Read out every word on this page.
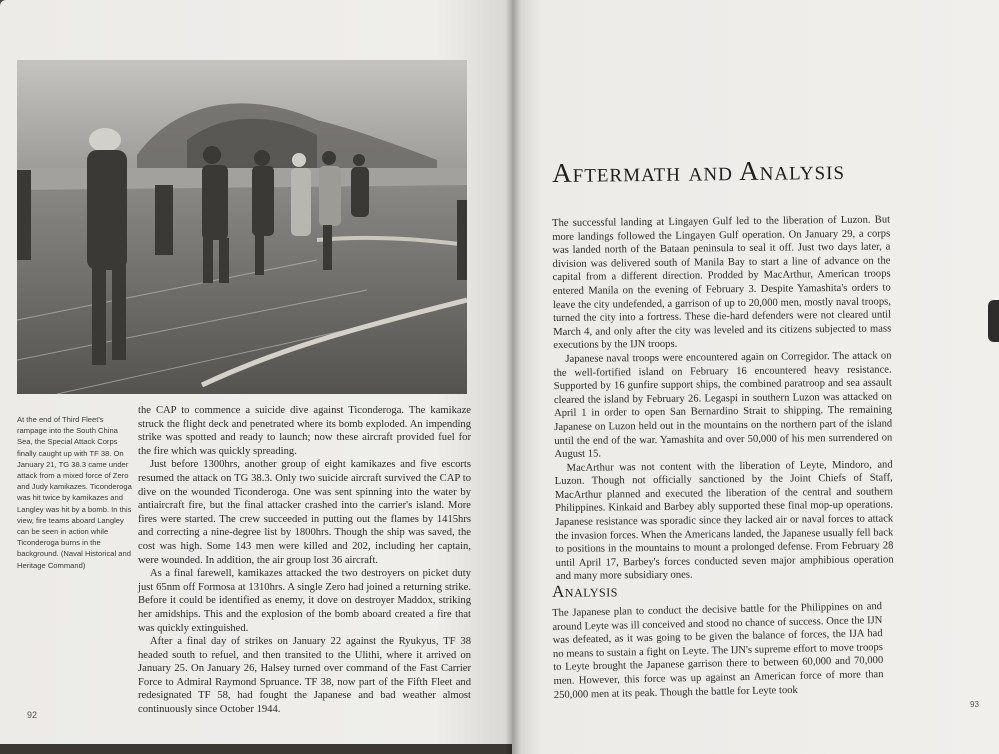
At the end of Third Fleet's rampage into the South China Sea, the Special Attack Corps finally caught up with TF 38. On January 21, TG 38.3 came under attack from a mixed force of Zero and Judy kamikazes. Ticonderoga was hit twice by kamikazes and Langley was hit by a bomb. In this view, fire teams aboard Langley can be seen in action while Ticonderoga burns in the background. (Naval Historical and Heritage Command)

the CAP to commence a suicide dive against Ticonderoga. The kamikaze struck the flight deck and penetrated where its bomb exploded. An impending strike was spotted and ready to launch; now these aircraft provided fuel for the fire which was quickly spreading.

Just before 1300hrs, another group of eight kamikazes and five escorts resumed the attack on TG 38.3. Only two suicide aircraft survived the CAP to dive on the wounded Ticonderoga. One was sent spinning into the water by antiaircraft fire, but the final attacker crashed into the carrier's island. More fires were started. The crew succeeded in putting out the flames by 1415hrs and correcting a nine-degree list by 1800hrs. Though the ship was saved, the cost was high. Some 143 men were killed and 202, including her captain, were wounded. In addition, the air group lost 36 aircraft.

As a final farewell, kamikazes attacked the two destroyers on picket duty just 65nm off Formosa at 1310hrs. A single Zero had joined a returning strike. Before it could be identified as enemy, it dove on destroyer Maddox, striking her amidships. This and the explosion of the bomb aboard created a fire that was quickly extinguished.

After a final day of strikes on January 22 against the Ryukyus, TF 38 headed south to refuel, and then transited to the Ulithi, where it arrived on January 25. On January 26, Halsey turned over command of the Fast Carrier Force to Admiral Raymond Spruance. TF 38, now part of the Fifth Fleet and redesignated TF 58, had fought the Japanese and bad weather almost continuously since October 1944.

92
Aftermath and Analysis

The successful landing at Lingayen Gulf led to the liberation of Luzon. But more landings followed the Lingayen Gulf operation. On January 29, a corps was landed north of the Bataan peninsula to seal it off. Just two days later, a division was delivered south of Manila Bay to start a line of advance on the capital from a different direction. Prodded by MacArthur, American troops entered Manila on the evening of February 3. Despite Yamashita's orders to leave the city undefended, a garrison of up to 20,000 men, mostly naval troops, turned the city into a fortress. These die-hard defenders were not cleared until March 4, and only after the city was leveled and its citizens subjected to mass executions by the IJN troops.

Japanese naval troops were encountered again on Corregidor. The attack on the well-fortified island on February 16 encountered heavy resistance. Supported by 16 gunfire support ships, the combined paratroop and sea assault cleared the island by February 26. Legaspi in southern Luzon was attacked on April 1 in order to open San Bernardino Strait to shipping. The remaining Japanese on Luzon held out in the mountains on the northern part of the island until the end of the war. Yamashita and over 50,000 of his men surrendered on August 15.

MacArthur was not content with the liberation of Leyte, Mindoro, and Luzon. Though not officially sanctioned by the Joint Chiefs of Staff, MacArthur planned and executed the liberation of the central and southern Philippines. Kinkaid and Barbey ably supported these final mop-up operations. Japanese resistance was sporadic since they lacked air or naval forces to attack the invasion forces. When the Americans landed, the Japanese usually fell back to positions in the mountains to mount a prolonged defense. From February 28 until April 17, Barbey's forces conducted seven major amphibious operation and many more subsidiary ones.

Analysis

The Japanese plan to conduct the decisive battle for the Philippines on and around Leyte was ill conceived and stood no chance of success. Once the IJN was defeated, as it was going to be given the balance of forces, the IJA had no means to sustain a fight on Leyte. The IJN's supreme effort to move troops to Leyte brought the Japanese garrison there to between 60,000 and 70,000 men. However, this force was up against an American force of more than 250,000 men at its peak. Though the battle for Leyte took

93
